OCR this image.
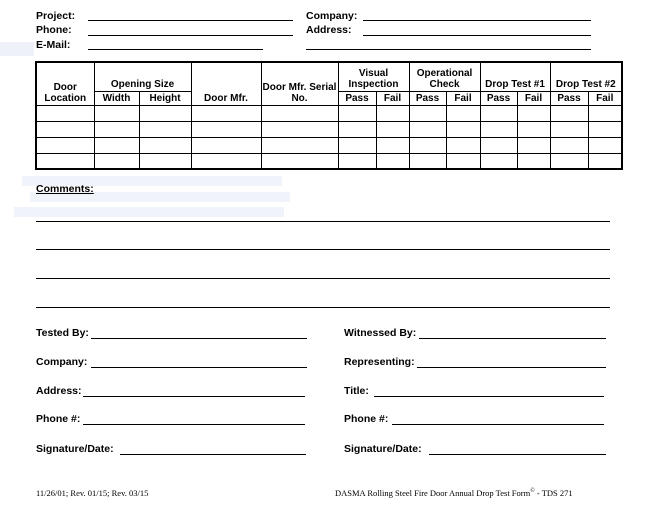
Project:
Phone:
E-Mail:
Company:
Address:
Door Location	Opening Size		Door Mfr.	Door Mfr. Serial No.	Visual Inspection		Operational Check		Drop Test #1		Drop Test #2	
	Width	Height			Pass	Fail	Pass	Fail	Pass	Fail	Pass	Fail

Comments:
Tested By:
Company:
Address:
Phone #:
Signature/Date:
Witnessed By:
Representing:
Title:
Phone #:
Signature/Date:
11/26/01; Rev. 01/15; Rev. 03/15	DASMA Rolling Steel Fire Door Annual Drop Test Form© - TDS 271
